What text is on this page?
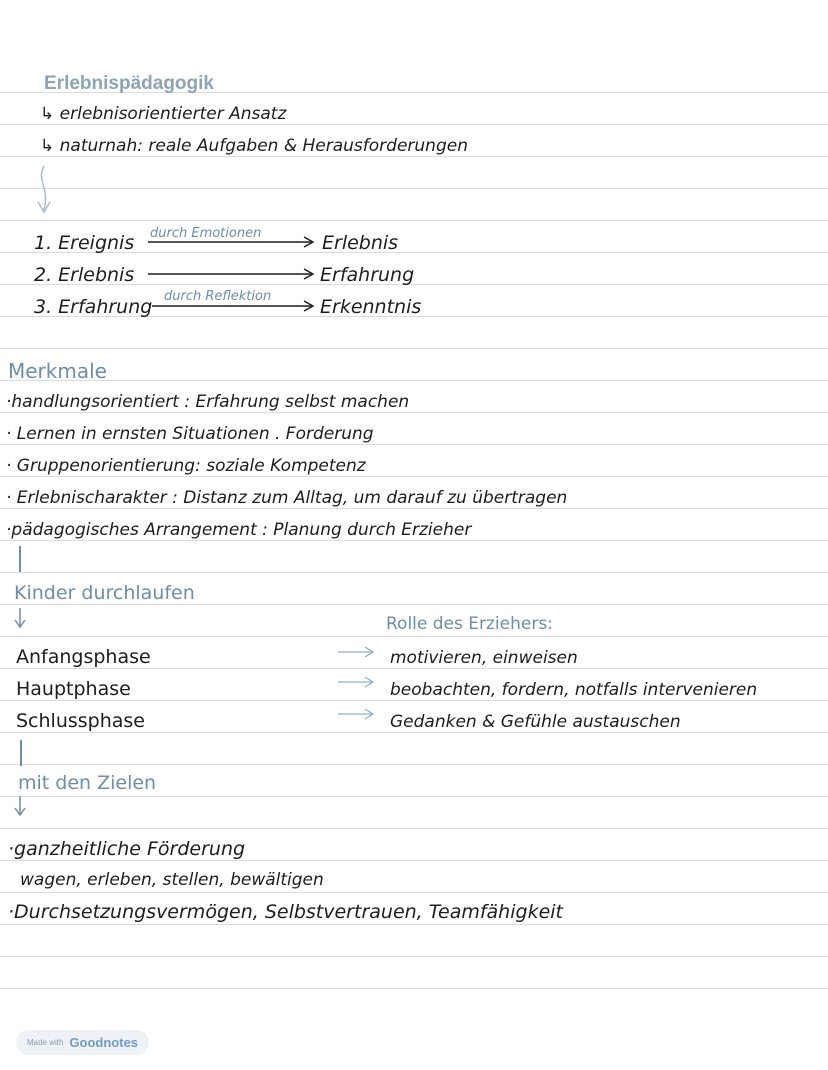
Erlebnispädagogik
↳ erlebnisorientierter Ansatz
↳ naturnah: reale Aufgaben & Herausforderungen
1. Ereignis durch Emotionen	Erlebnis
2. Erlebnis	Erfahrung
3. Erfahrung durch Reflektion	Erkenntnis
Merkmale
·handlungsorientiert : Erfahrung selbst machen
· Lernen in ernsten Situationen . Forderung
· Gruppenorientierung: soziale Kompetenz
· Erlebnischarakter : Distanz zum Alltag, um darauf zu übertragen
·pädagogisches Arrangement : Planung durch Erzieher
Kinder durchlaufen
Rolle des Erziehers:
Anfangsphase	motivieren, einweisen
Hauptphase	beobachten, fordern, notfalls intervenieren
Schlussphase	Gedanken & Gefühle austauschen
mit den Zielen
·ganzheitliche Förderung
wagen, erleben, stellen, bewältigen
·Durchsetzungsvermögen, Selbstvertrauen, Teamfähigkeit
Made with Goodnotes
